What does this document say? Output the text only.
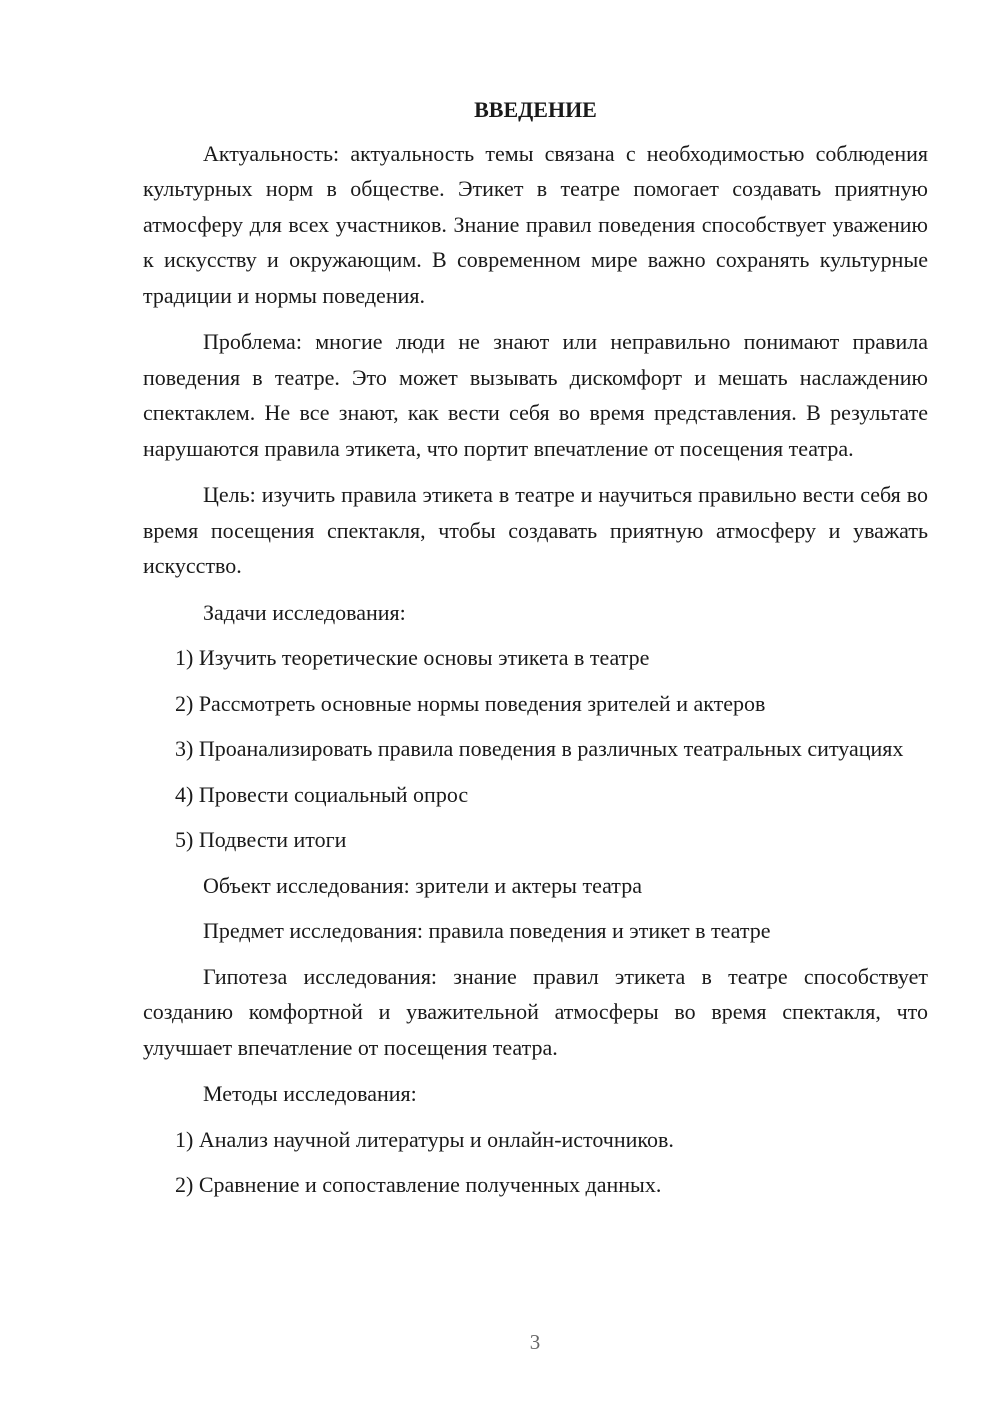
ВВЕДЕНИЕ

Актуальность: актуальность темы связана с необходимостью соблюдения культурных норм в обществе. Этикет в театре помогает создавать приятную атмосферу для всех участников. Знание правил поведения способствует уважению к искусству и окружающим. В современном мире важно сохранять культурные традиции и нормы поведения.

Проблема: многие люди не знают или неправильно понимают правила поведения в театре. Это может вызывать дискомфорт и мешать наслаждению спектаклем. Не все знают, как вести себя во время представления. В результате нарушаются правила этикета, что портит впечатление от посещения театра.

Цель: изучить правила этикета в театре и научиться правильно вести себя во время посещения спектакля, чтобы создавать приятную атмосферу и уважать искусство.

Задачи исследования:

1) Изучить теоретические основы этикета в театре

2) Рассмотреть основные нормы поведения зрителей и актеров

3) Проанализировать правила поведения в различных театральных ситуациях

4) Провести социальный опрос

5) Подвести итоги

Объект исследования: зрители и актеры театра

Предмет исследования: правила поведения и этикет в театре

Гипотеза исследования: знание правил этикета в театре способствует созданию комфортной и уважительной атмосферы во время спектакля, что улучшает впечатление от посещения театра.

Методы исследования:

1) Анализ научной литературы и онлайн-источников.

2) Сравнение и сопоставление полученных данных.

3
